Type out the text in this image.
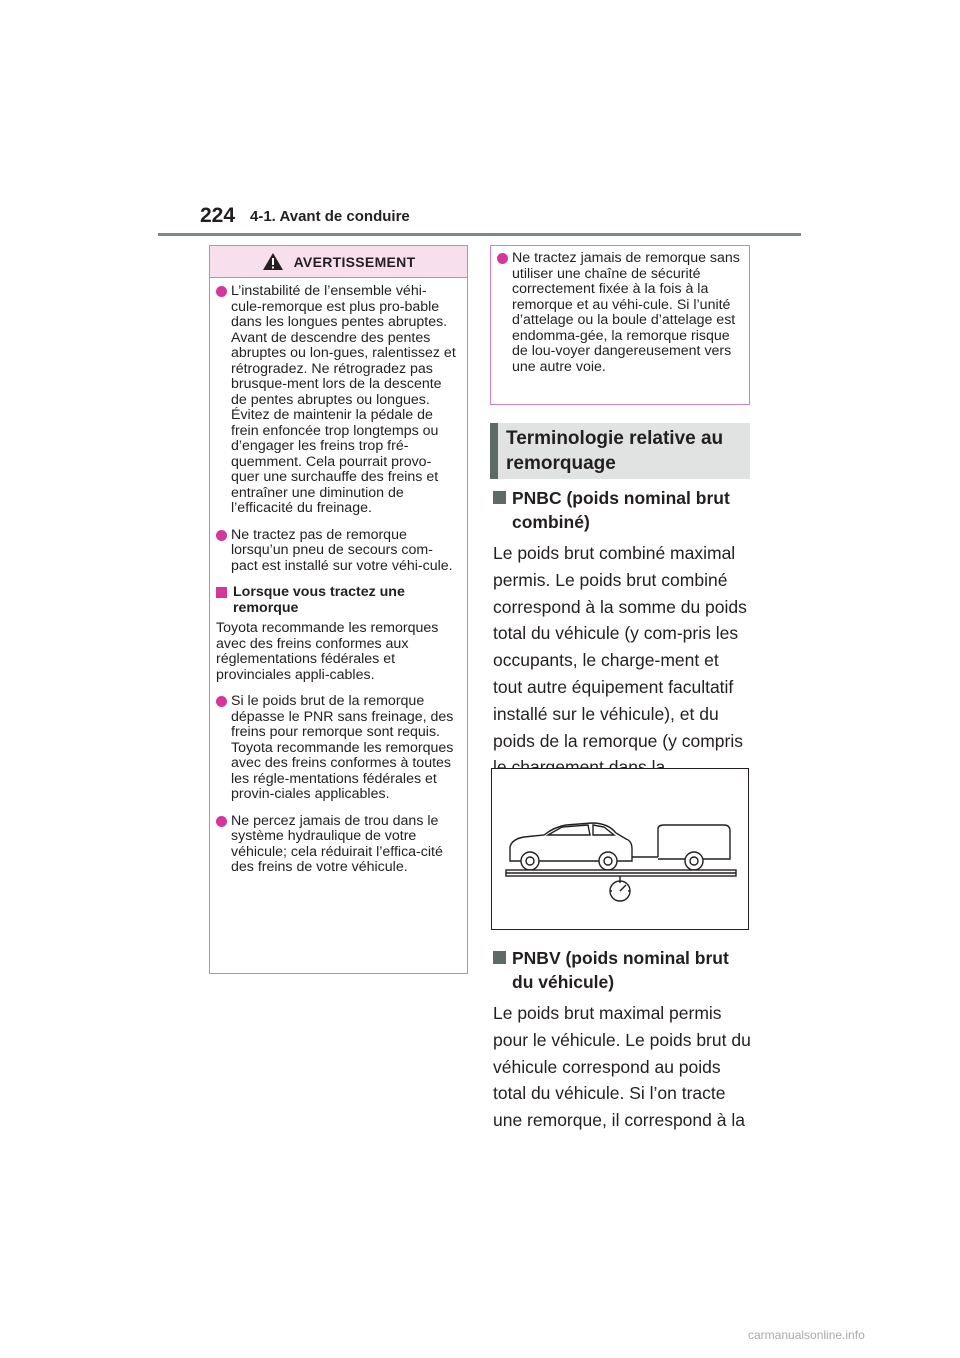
224 4-1. Avant de conduire
AVERTISSEMENT
L’instabilité de l’ensemble véhi-cule-remorque est plus pro-bable dans les longues pentes abruptes. Avant de descendre des pentes abruptes ou lon-gues, ralentissez et rétrogradez. Ne rétrogradez pas brusque-ment lors de la descente de pentes abruptes ou longues. Évitez de maintenir la pédale de frein enfoncée trop longtemps ou d’engager les freins trop fré-quemment. Cela pourrait provo-quer une surchauffe des freins et entraîner une diminution de l’efficacité du freinage.
Ne tractez pas de remorque lorsqu’un pneu de secours com-pact est installé sur votre véhi-cule.
Lorsque vous tractez une remorque
Toyota recommande les remorques avec des freins conformes aux réglementations fédérales et provinciales appli-cables.
Si le poids brut de la remorque dépasse le PNR sans freinage, des freins pour remorque sont requis. Toyota recommande les remorques avec des freins conformes à toutes les régle-mentations fédérales et provin-ciales applicables.
Ne percez jamais de trou dans le système hydraulique de votre véhicule; cela réduirait l’effica-cité des freins de votre véhicule.
Ne tractez jamais de remorque sans utiliser une chaîne de sécurité correctement fixée à la fois à la remorque et au véhi-cule. Si l’unité d’attelage ou la boule d’attelage est endomma-gée, la remorque risque de lou-voyer dangereusement vers une autre voie.
Terminologie relative au
remorquage
PNBC (poids nominal brut combiné)
Le poids brut combiné maximal permis. Le poids brut combiné correspond à la somme du poids total du véhicule (y com-pris les occupants, le charge-ment et tout autre équipement facultatif installé sur le véhicule), et du poids de la remorque (y compris
PNBV (poids nominal brut du véhicule)
Le poids brut maximal permis pour le véhicule. Le poids brut du véhicule correspond au poids total du véhicule. Si l’on tracte une remorque, il correspond à la
carmanualsonline.info
